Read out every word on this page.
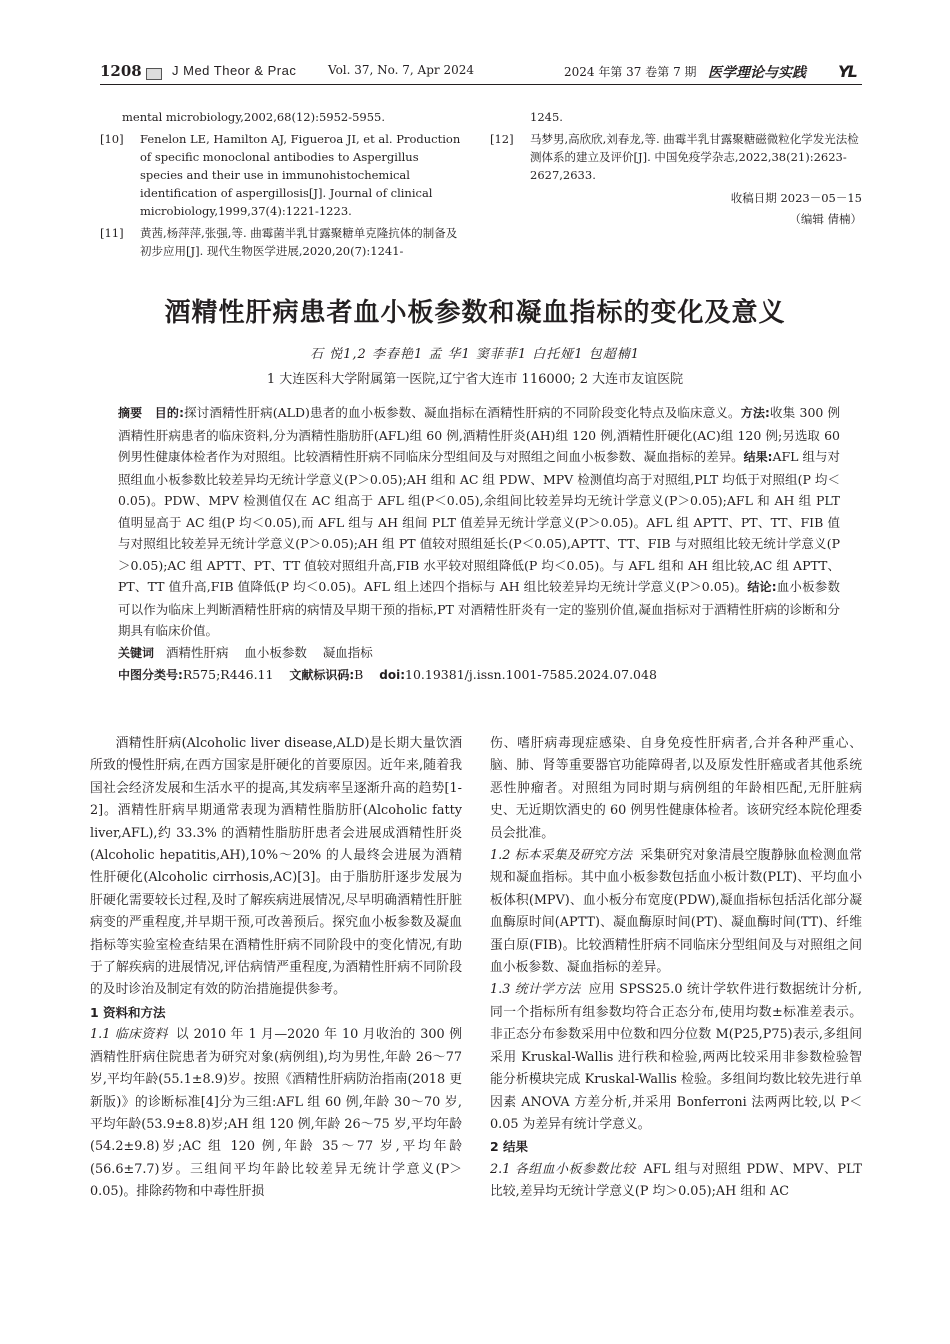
1208 J Med Theor & Prac	Vol. 37, No. 7, Apr 2024	2024 年第 37 卷第 7 期 医学理论与实践 YL
mental microbiology,2002,68(12):5952-5955.
[10] Fenelon LE, Hamilton AJ, Figueroa JI, et al. Production of specific monoclonal antibodies to Aspergillus species and their use in immunohistochemical identification of aspergillosis[J]. Journal of clinical microbiology,1999,37(4):1221-1223.
[11] 黄茜,杨萍萍,张强,等. 曲霉菌半乳甘露聚糖单克隆抗体的制备及初步应用[J]. 现代生物医学进展,2020,20(7):1241-
1245.
[12] 马梦男,高欣欣,刘春龙,等. 曲霉半乳甘露聚糖磁微粒化学发光法检测体系的建立及评价[J]. 中国免疫学杂志,2022,38(21):2623-2627,2633.
收稿日期 2023－05－15
（编辑 倩楠）
酒精性肝病患者血小板参数和凝血指标的变化及意义
石 悦1,2 李春艳1 孟 华1 窦菲菲1 白托娅1 包超楠1
1 大连医科大学附属第一医院,辽宁省大连市 116000; 2 大连市友谊医院

摘要 目的:探讨酒精性肝病(ALD)患者的血小板参数、凝血指标在酒精性肝病的不同阶段变化特点及临床意义。方法:收集 300 例酒精性肝病患者的临床资料,分为酒精性脂肪肝(AFL)组 60 例,酒精性肝炎(AH)组 120 例,酒精性肝硬化(AC)组 120 例;另选取 60 例男性健康体检者作为对照组。比较酒精性肝病不同临床分型组间及与对照组之间血小板参数、凝血指标的差异。结果:AFL 组与对照组血小板参数比较差异均无统计学意义(P＞0.05);AH 组和 AC 组 PDW、MPV 检测值均高于对照组,PLT 均低于对照组(P 均＜0.05)。PDW、MPV 检测值仅在 AC 组高于 AFL 组(P＜0.05),余组间比较差异均无统计学意义(P＞0.05);AFL 和 AH 组 PLT 值明显高于 AC 组(P 均＜0.05),而 AFL 组与 AH 组间 PLT 值差异无统计学意义(P＞0.05)。AFL 组 APTT、PT、TT、FIB 值与对照组比较差异无统计学意义(P＞0.05);AH 组 PT 值较对照组延长(P＜0.05),APTT、TT、FIB 与对照组比较无统计学意义(P＞0.05);AC 组 APTT、PT、TT 值较对照组升高,FIB 水平较对照组降低(P 均＜0.05)。与 AFL 组和 AH 组比较,AC 组 APTT、PT、TT 值升高,FIB 值降低(P 均＜0.05)。AFL 组上述四个指标与 AH 组比较差异均无统计学意义(P＞0.05)。结论:血小板参数可以作为临床上判断酒精性肝病的病情及早期干预的指标,PT 对酒精性肝炎有一定的鉴别价值,凝血指标对于酒精性肝病的诊断和分期具有临床价值。

关键词 酒精性肝病    血小板参数    凝血指标

中图分类号:R575;R446.11 文献标识码:B doi:10.19381/j.issn.1001-7585.2024.07.048

酒精性肝病(Alcoholic liver disease,ALD)是长期大量饮酒所致的慢性肝病,在西方国家是肝硬化的首要原因。近年来,随着我国社会经济发展和生活水平的提高,其发病率呈逐渐升高的趋势[1-2]。酒精性肝病早期通常表现为酒精性脂肪肝(Alcoholic fatty liver,AFL),约 33.3% 的酒精性脂肪肝患者会进展成酒精性肝炎(Alcoholic hepatitis,AH),10%～20% 的人最终会进展为酒精性肝硬化(Alcoholic cirrhosis,AC)[3]。由于脂肪肝逐步发展为肝硬化需要较长过程,及时了解疾病进展情况,尽早明确酒精性肝脏病变的严重程度,并早期干预,可改善预后。探究血小板参数及凝血指标等实验室检查结果在酒精性肝病不同阶段中的变化情况,有助于了解疾病的进展情况,评估病情严重程度,为酒精性肝病不同阶段的及时诊治及制定有效的防治措施提供参考。

1 资料和方法

1.1 临床资料 以 2010 年 1 月—2020 年 10 月收治的 300 例酒精性肝病住院患者为研究对象(病例组),均为男性,年龄 26～77 岁,平均年龄(55.1±8.9)岁。按照《酒精性肝病防治指南(2018 更新版)》的诊断标准[4]分为三组:AFL 组 60 例,年龄 30～70 岁,平均年龄(53.9±8.8)岁;AH 组 120 例,年龄 26～75 岁,平均年龄(54.2±9.8)岁;AC 组 120 例,年龄 35～77 岁,平均年龄(56.6±7.7)岁。三组间平均年龄比较差异无统计学意义(P＞0.05)。排除药物和中毒性肝损

伤、嗜肝病毒现症感染、自身免疫性肝病者,合并各种严重心、脑、肺、肾等重要器官功能障碍者,以及原发性肝癌或者其他系统恶性肿瘤者。对照组为同时期与病例组的年龄相匹配,无肝脏病史、无近期饮酒史的 60 例男性健康体检者。该研究经本院伦理委员会批准。

1.2 标本采集及研究方法 采集研究对象清晨空腹静脉血检测血常规和凝血指标。其中血小板参数包括血小板计数(PLT)、平均血小板体积(MPV)、血小板分布宽度(PDW),凝血指标包括活化部分凝血酶原时间(APTT)、凝血酶原时间(PT)、凝血酶时间(TT)、纤维蛋白原(FIB)。比较酒精性肝病不同临床分型组间及与对照组之间血小板参数、凝血指标的差异。

1.3 统计学方法 应用 SPSS25.0 统计学软件进行数据统计分析,同一个指标所有组参数均符合正态分布,使用均数±标准差表示。非正态分布参数采用中位数和四分位数 M(P25,P75)表示,多组间采用 Kruskal-Wallis 进行秩和检验,两两比较采用非参数检验智能分析模块完成 Kruskal-Wallis 检验。多组间均数比较先进行单因素 ANOVA 方差分析,并采用 Bonferroni 法两两比较,以 P＜0.05 为差异有统计学意义。

2 结果

2.1 各组血小板参数比较 AFL 组与对照组 PDW、MPV、PLT 比较,差异均无统计学意义(P 均＞0.05);AH 组和 AC
